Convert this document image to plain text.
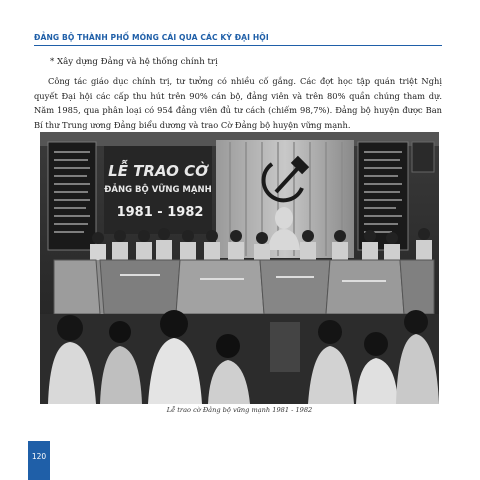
ĐẢNG BỘ THÀNH PHỐ MÓNG CÁI QUA CÁC KỲ ĐẠI HỘI
* Xây dựng Đảng và hệ thống chính trị

Công tác giáo dục chính trị, tư tưởng có nhiều cố gắng. Các đợt học tập quán triệt Nghị quyết Đại hội các cấp thu hút trên 90% cán bộ, đảng viên và trên 80% quần chúng tham dự. Năm 1985, qua phân loại có 954 đảng viên đủ tư cách (chiếm 98,7%). Đảng bộ huyện được Ban Bí thư Trung ương Đảng biểu dương và trao Cờ Đảng bộ huyện vững mạnh.

LỄ TRAO CỜ
ĐẢNG BỘ VỮNG MẠNH
1981 - 1982
Lễ trao cờ Đảng bộ vững mạnh 1981 - 1982
120
